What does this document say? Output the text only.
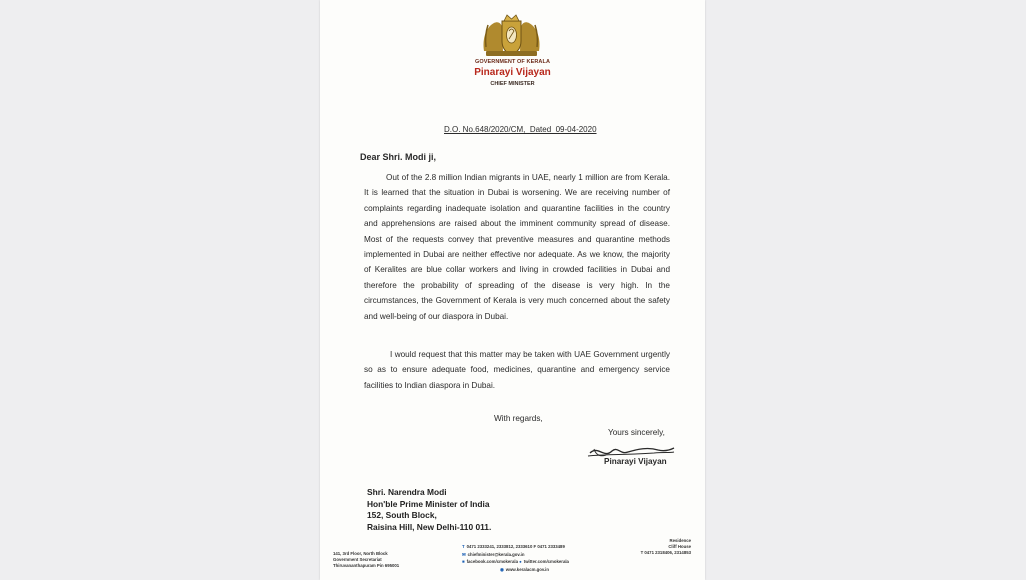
GOVERNMENT OF KERALA
Pinarayi Vijayan
CHIEF MINISTER
D.O. No.648/2020/CM,  Dated  09-04-2020
Dear Shri. Modi ji,
Out of the 2.8 million Indian migrants in UAE, nearly 1 million are from Kerala. It is learned that the situation in Dubai is worsening. We are receiving number of complaints regarding inadequate isolation and quarantine facilities in the country and apprehensions are raised about the imminent community spread of disease. Most of the requests convey that preventive measures and quarantine methods implemented in Dubai are neither effective nor adequate. As we know, the majority of Keralites are blue collar workers and living in crowded facilities in Dubai and therefore the probability of spreading of the disease is very high. In the circumstances, the Government of Kerala is very much concerned about the safety and well-being of our diaspora in Dubai.
I would request that this matter may be taken with UAE Government urgently so as to ensure adequate food, medicines, quarantine and emergency service facilities to Indian diaspora in Dubai.
With regards,
Yours sincerely,
Pinarayi Vijayan
Shri. Narendra Modi
Hon'ble Prime Minister of India
152, South Block,
Raisina Hill, New Delhi-110 011.
141, 3rd Floor, North Block
Government Secretariat
Thiruvananthapuram Pin 695001
T 0471 2333241, 2333812, 2333610 F 0471 2333489
✉ chiefminister@kerala.gov.in
■ facebook.com/cmokerala ● twitter.com/cmokerala
◉ www.keralacm.gov.in
Residence
Cliff House
T 0471 2318406, 2314853
